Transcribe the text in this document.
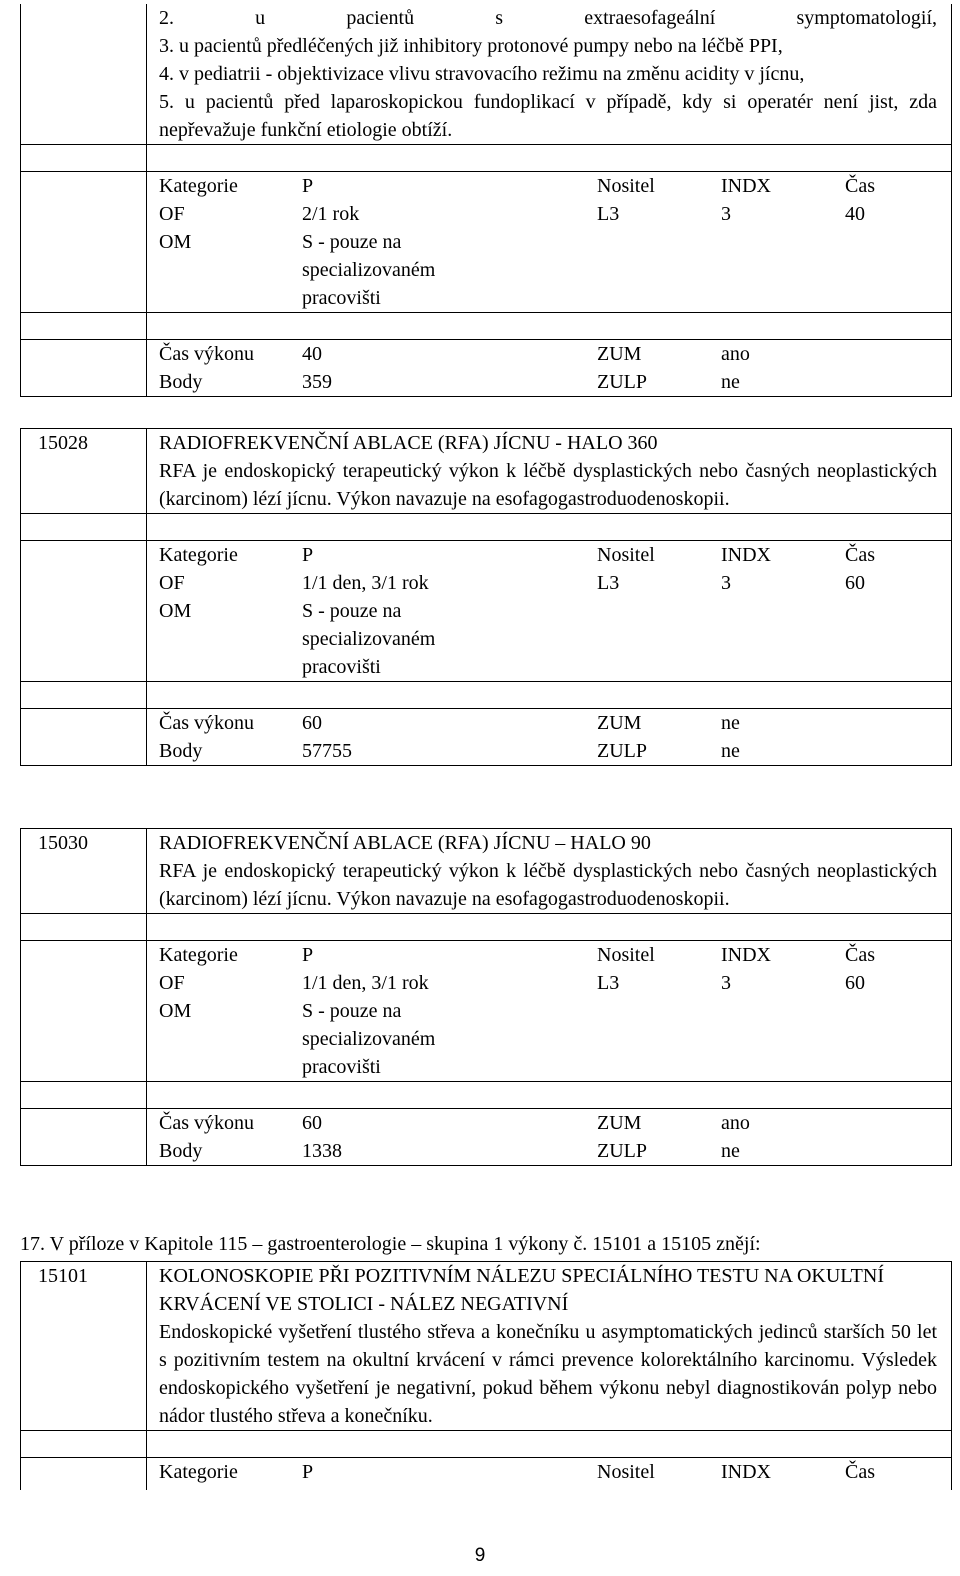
2. u pacientů s extraesofageální symptomatologií,
3. u pacientů předléčených již inhibitory protonové pumpy nebo na léčbě PPI,
4. v pediatrii - objektivizace vlivu stravovacího režimu na změnu acidity v jícnu,
5. u pacientů před laparoskopickou fundoplikací v případě, kdy si operatér není jist, zda nepřevažuje funkční etiologie obtíží.
Kategorie	P	Nositel	INDX	Čas
OF	2/1 rok	L3	3	40
OM	S - pouze na specializovaném pracovišti
Čas výkonu	40	ZUM	ano
Body	359	ZULP	ne
15028	RADIOFREKVENČNÍ ABLACE (RFA) JÍCNU - HALO 360
RFA je endoskopický terapeutický výkon k léčbě dysplastických nebo časných neoplastických (karcinom) lézí jícnu. Výkon navazuje na esofagogastroduodenoskopii.
Kategorie	P	Nositel	INDX	Čas
OF	1/1 den, 3/1 rok	L3	3	60
OM	S - pouze na specializovaném pracovišti
Čas výkonu	60	ZUM	ne
Body	57755	ZULP	ne
15030	RADIOFREKVENČNÍ ABLACE (RFA) JÍCNU – HALO 90
RFA je endoskopický terapeutický výkon k léčbě dysplastických nebo časných neoplastických (karcinom) lézí jícnu. Výkon navazuje na esofagogastroduodenoskopii.
Kategorie	P	Nositel	INDX	Čas
OF	1/1 den, 3/1 rok	L3	3	60
OM	S - pouze na specializovaném pracovišti
Čas výkonu	60	ZUM	ano
Body	1338	ZULP	ne
17. V příloze v Kapitole 115 – gastroenterologie – skupina 1 výkony č. 15101 a 15105 znějí:
15101	KOLONOSKOPIE PŘI POZITIVNÍM NÁLEZU SPECIÁLNÍHO TESTU NA OKULTNÍ KRVÁCENÍ VE STOLICI - NÁLEZ NEGATIVNÍ
Endoskopické vyšetření tlustého střeva a konečníku u asymptomatických jedinců starších 50 let s pozitivním testem na okultní krvácení v rámci prevence kolorektálního karcinomu. Výsledek endoskopického vyšetření je negativní, pokud během výkonu nebyl diagnostikován polyp nebo nádor tlustého střeva a konečníku.
Kategorie	P	Nositel	INDX	Čas
9
